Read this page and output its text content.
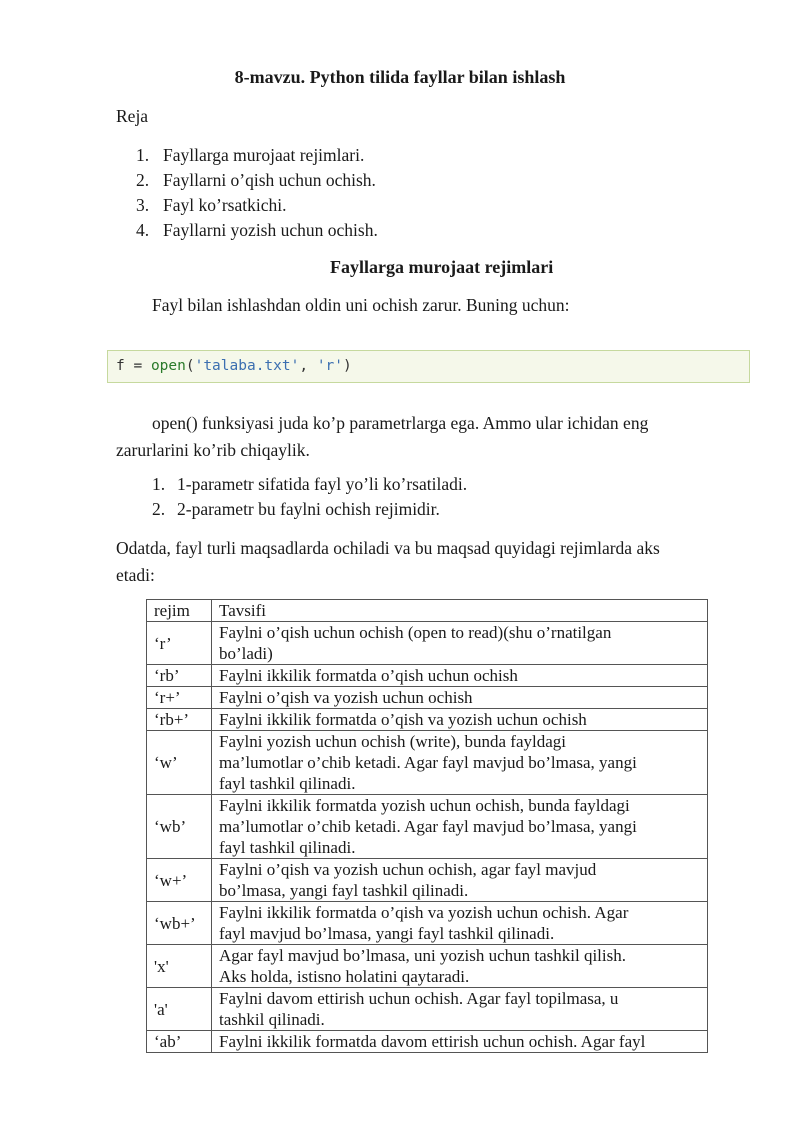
8-mavzu. Python tilida fayllar bilan ishlash
Reja
1. Fayllarga murojaat rejimlari.
2. Fayllarni o’qish uchun ochish.
3. Fayl ko’rsatkichi.
4. Fayllarni yozish uchun ochish.
Fayllarga murojaat rejimlari
Fayl bilan ishlashdan oldin uni ochish zarur. Buning uchun:
f = open('talaba.txt', 'r')
open() funksiyasi juda ko’p parametrlarga ega. Ammo ular ichidan eng
zarurlarini ko’rib chiqaylik.
1. 1-parametr sifatida fayl yo’li ko’rsatiladi.
2. 2-parametr bu faylni ochish rejimidir.
Odatda, fayl turli maqsadlarda ochiladi va bu maqsad quyidagi rejimlarda aks
etadi:
rejim	Tavsifi
‘r’	Faylni o’qish uchun ochish (open to read)(shu o’rnatilgan
bo’ladi)

‘rb’	Faylni ikkilik formatda o’qish uchun ochish

‘r+’	Faylni o’qish va yozish uchun ochish

‘rb+’	Faylni ikkilik formatda o’qish va yozish uchun ochish

‘w’	Faylni yozish uchun ochish (write), bunda fayldagi
ma’lumotlar o’chib ketadi. Agar fayl mavjud bo’lmasa, yangi
fayl tashkil qilinadi.

‘wb’	Faylni ikkilik formatda yozish uchun ochish, bunda fayldagi
ma’lumotlar o’chib ketadi. Agar fayl mavjud bo’lmasa, yangi
fayl tashkil qilinadi.

‘w+’	Faylni o’qish va yozish uchun ochish, agar fayl mavjud
bo’lmasa, yangi fayl tashkil qilinadi.

‘wb+’	Faylni ikkilik formatda o’qish va yozish uchun ochish. Agar
fayl mavjud bo’lmasa, yangi fayl tashkil qilinadi.

'x'	Agar fayl mavjud bo’lmasa, uni yozish uchun tashkil qilish.
Aks holda, istisno holatini qaytaradi.

'a'	Faylni davom ettirish uchun ochish. Agar fayl topilmasa, u
tashkil qilinadi.

‘ab’	Faylni ikkilik formatda davom ettirish uchun ochish. Agar fayl
